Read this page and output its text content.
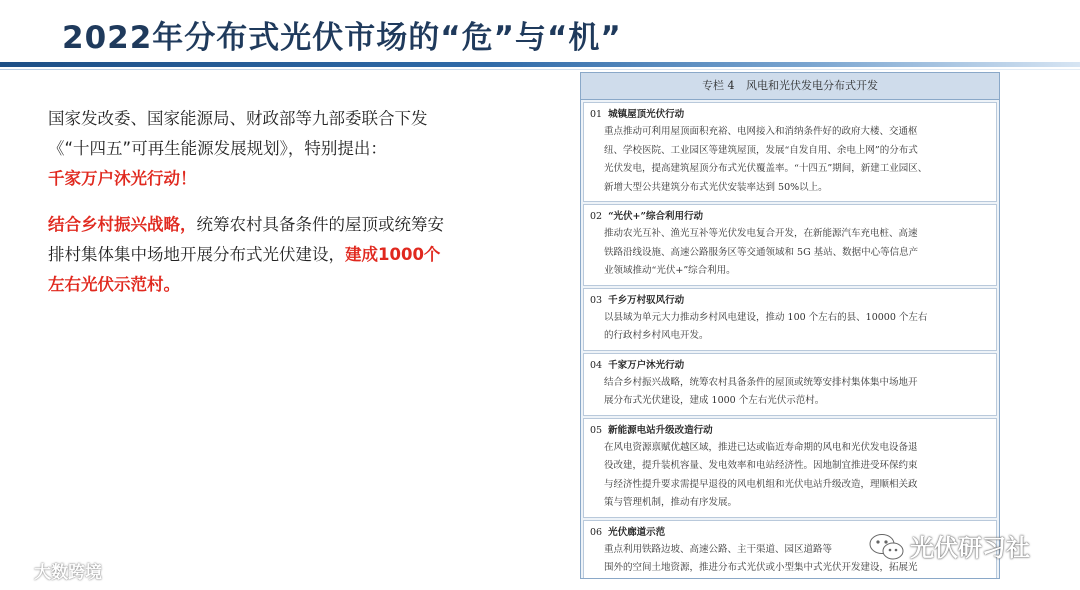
2022年分布式光伏市场的“危”与“机”

国家发改委、国家能源局、财政部等九部委联合下发

《“十四五”可再生能源发展规划》，特别提出：

千家万户沐光行动！

结合乡村振兴战略，统筹农村具备条件的屋顶或统筹安

排村集体集中场地开展分布式光伏建设，建成1000个

左右光伏示范村。

专栏 4 风电和光伏发电分布式开发
01 城镇屋顶光伏行动
重点推动可利用屋顶面积充裕、电网接入和消纳条件好的政府大楼、交通枢
纽、学校医院、工业园区等建筑屋顶，发展“自发自用、余电上网”的分布式
光伏发电，提高建筑屋顶分布式光伏覆盖率。“十四五”期间，新建工业园区、
新增大型公共建筑分布式光伏安装率达到 50%以上。
02 “光伏+”综合利用行动
推动农光互补、渔光互补等光伏发电复合开发，在新能源汽车充电桩、高速
铁路沿线设施、高速公路服务区等交通领域和 5G 基站、数据中心等信息产
业领域推动“光伏+”综合利用。
03 千乡万村驭风行动
以县域为单元大力推动乡村风电建设，推动 100 个左右的县、10000 个左右
的行政村乡村风电开发。
04 千家万户沐光行动
结合乡村振兴战略，统筹农村具备条件的屋顶或统筹安排村集体集中场地开
展分布式光伏建设，建成 1000 个左右光伏示范村。
05 新能源电站升级改造行动
在风电资源禀赋优越区域，推进已达或临近寿命期的风电和光伏发电设备退
役改建，提升装机容量、发电效率和电站经济性。因地制宜推进受环保约束
与经济性提升要求需提早退役的风电机组和光伏电站升级改造，理顺相关政
策与管理机制，推动有序发展。
06 光伏廊道示范
重点利用铁路边坡、高速公路、主干渠道、园区道路等
围外的空间土地资源，推进分布式光伏或小型集中式光伏开发建设，拓展光
大数跨境
光伏研习社
